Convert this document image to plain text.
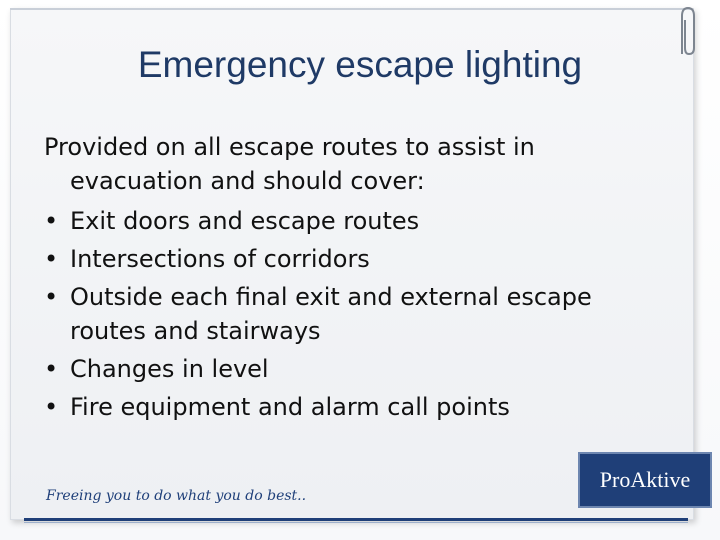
Emergency escape lighting

Provided on all escape routes to assist in evacuation and should cover:

• Exit doors and escape routes
• Intersections of corridors
• Outside each final exit and external escape routes and stairways
• Changes in level
• Fire equipment and alarm call points
ProAktive
Freeing you to do what you do best..
